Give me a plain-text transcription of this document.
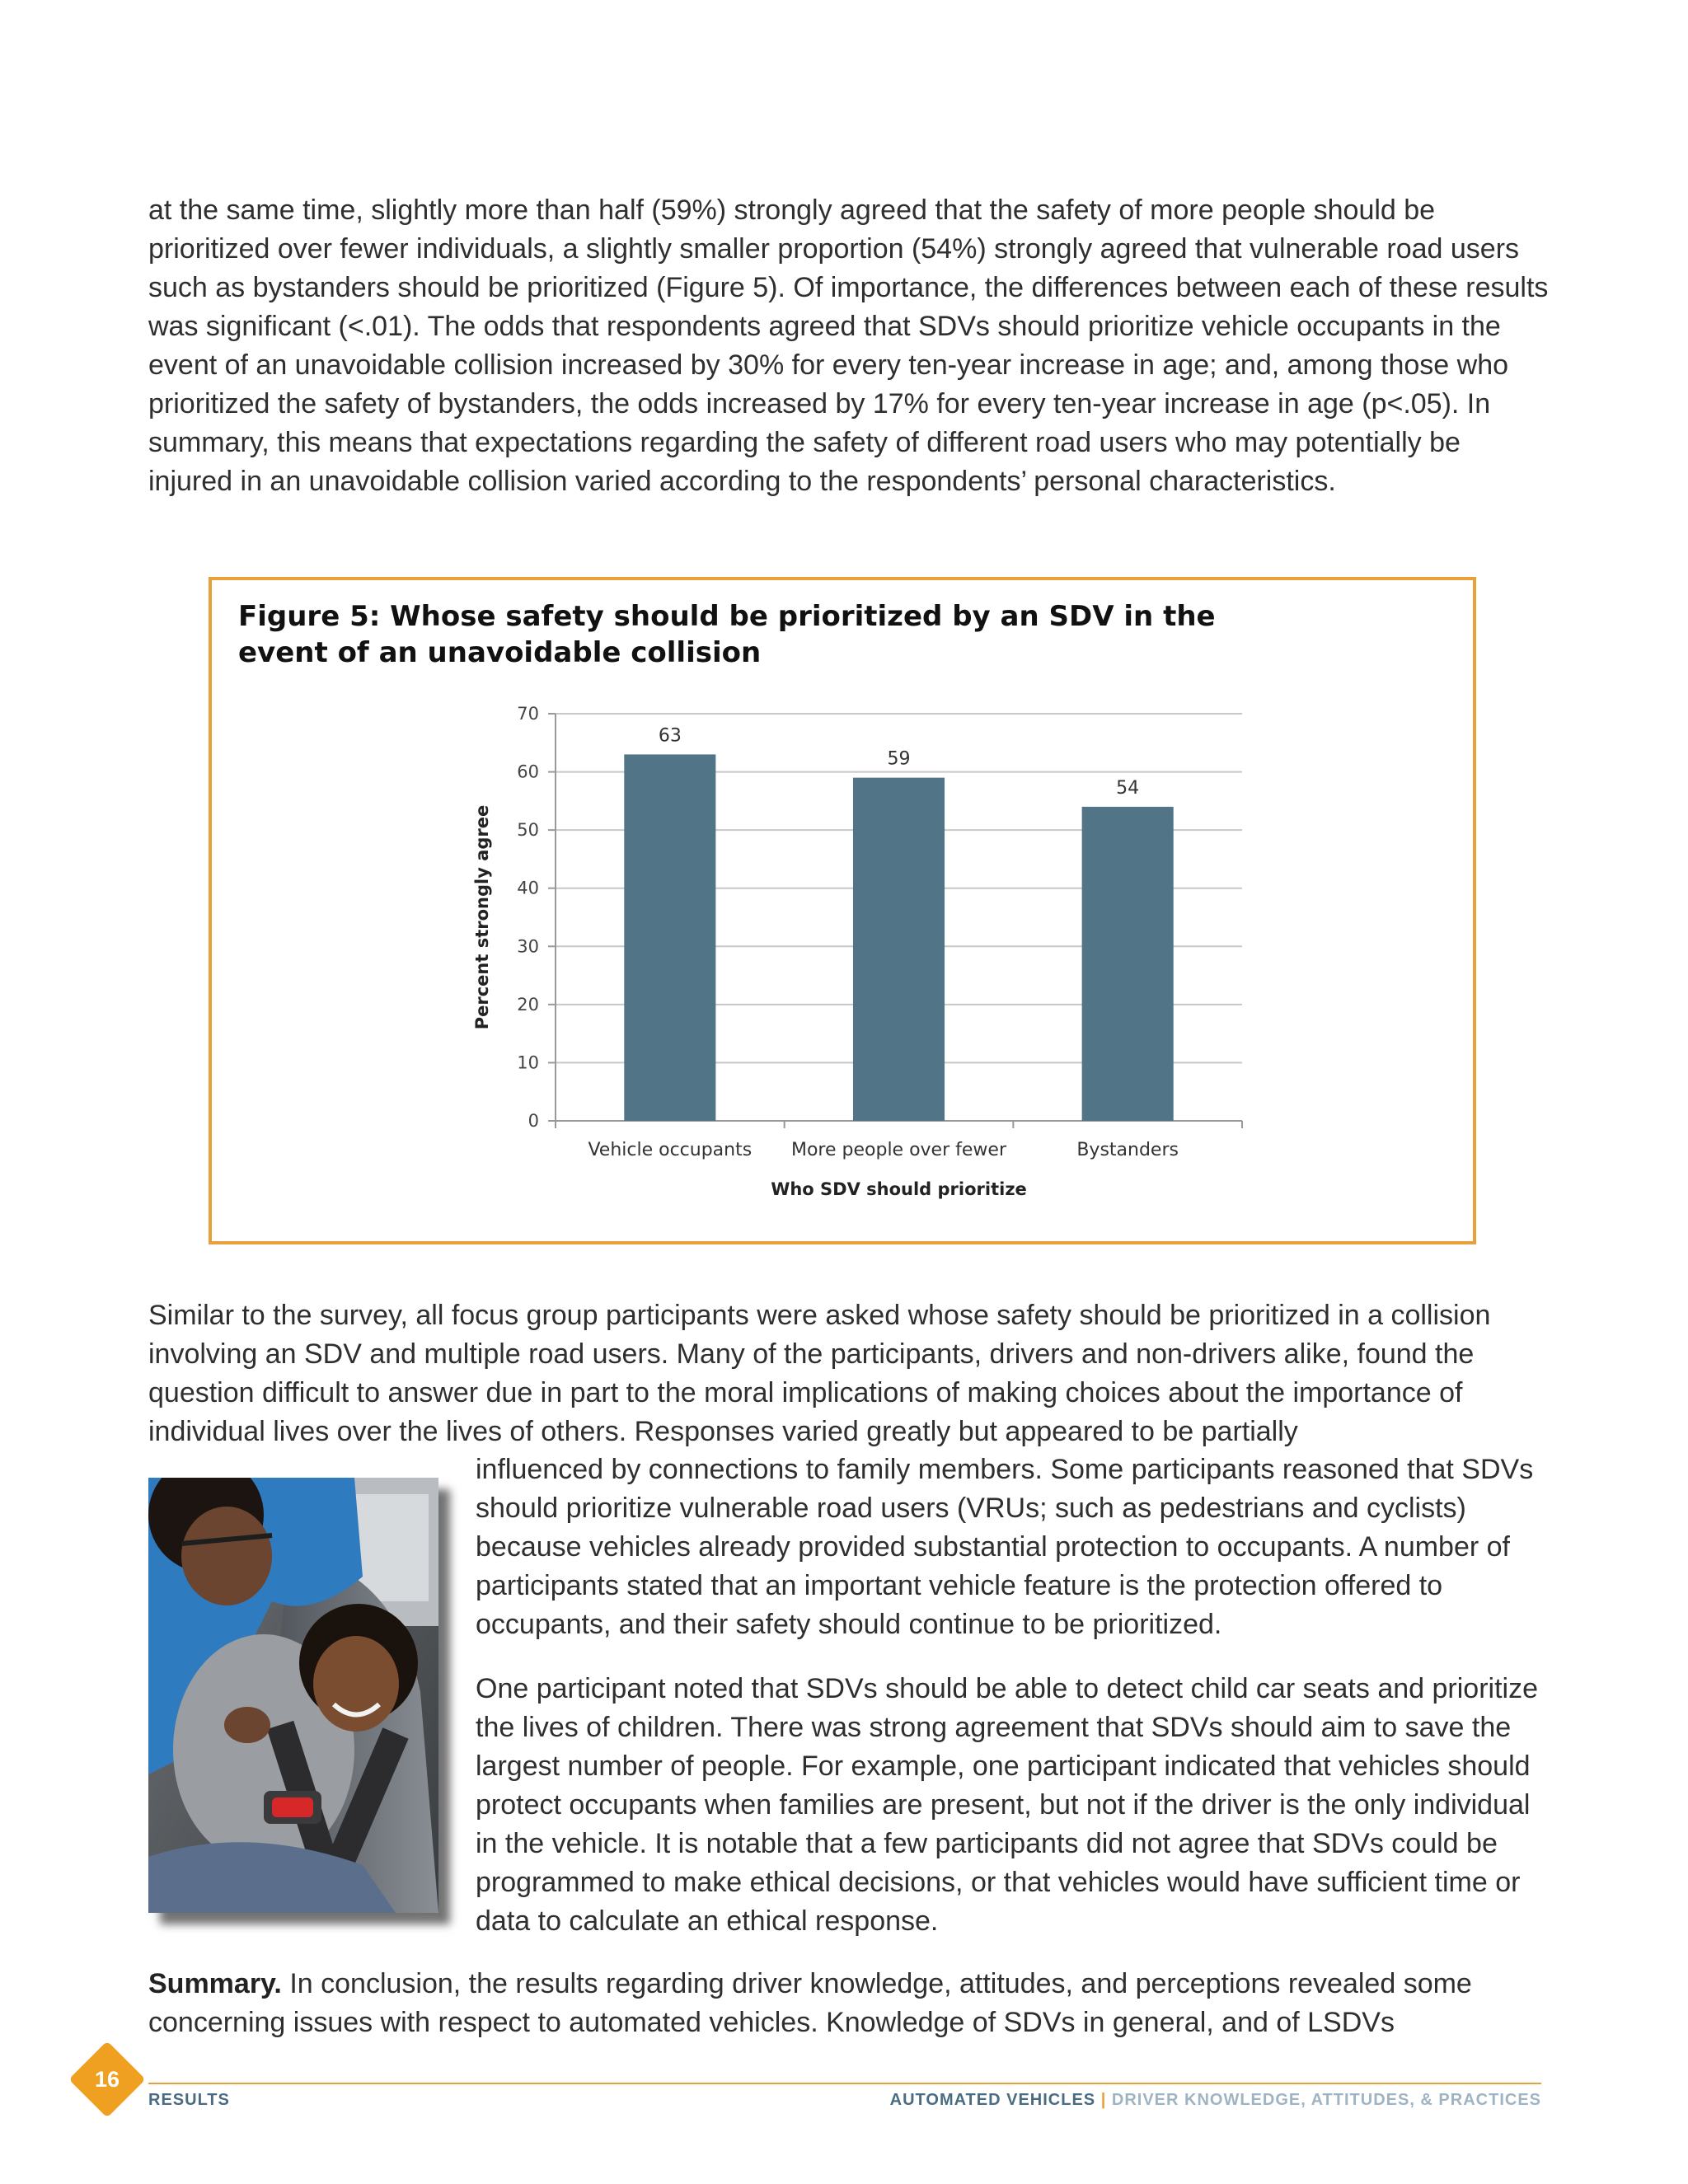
at the same time, slightly more than half (59%) strongly agreed that the safety of more people should be prioritized over fewer individuals, a slightly smaller proportion (54%) strongly agreed that vulnerable road users such as bystanders should be prioritized (Figure 5). Of importance, the differences between each of these results was significant (<.01). The odds that respondents agreed that SDVs should prioritize vehicle occupants in the event of an unavoidable collision increased by 30% for every ten-year increase in age; and, among those who prioritized the safety of bystanders, the odds increased by 17% for every ten-year increase in age (p<.05). In summary, this means that expectations regarding the safety of different road users who may potentially be injured in an unavoidable collision varied according to the respondents’ personal characteristics.

Figure 5: Whose safety should be prioritized by an SDV in the event of an unavoidable collision
0
10
20
30
40
50
60
70
63
Vehicle occupants
59
More people over fewer
54
Bystanders
Percent strongly agree
Who SDV should prioritize

Similar to the survey, all focus group participants were asked whose safety should be prioritized in a collision involving an SDV and multiple road users. Many of the participants, drivers and non-drivers alike, found the question difficult to answer due in part to the moral implications of making choices about the importance of individual lives over the lives of others. Responses varied greatly but appeared to be partially

influenced by connections to family members. Some participants reasoned that SDVs should prioritize vulnerable road users (VRUs; such as pedestrians and cyclists) because vehicles already provided substantial protection to occupants. A number of participants stated that an important vehicle feature is the protection offered to occupants, and their safety should continue to be prioritized.

One participant noted that SDVs should be able to detect child car seats and prioritize the lives of children. There was strong agreement that SDVs should aim to save the largest number of people. For example, one participant indicated that vehicles should protect occupants when families are present, but not if the driver is the only individual in the vehicle. It is notable that a few participants did not agree that SDVs could be programmed to make ethical decisions, or that vehicles would have sufficient time or data to calculate an ethical response.

Summary. In conclusion, the results regarding driver knowledge, attitudes, and perceptions revealed some concerning issues with respect to automated vehicles. Knowledge of SDVs in general, and of LSDVs

16
RESULTS	AUTOMATED VEHICLES | DRIVER KNOWLEDGE, ATTITUDES, & PRACTICES
